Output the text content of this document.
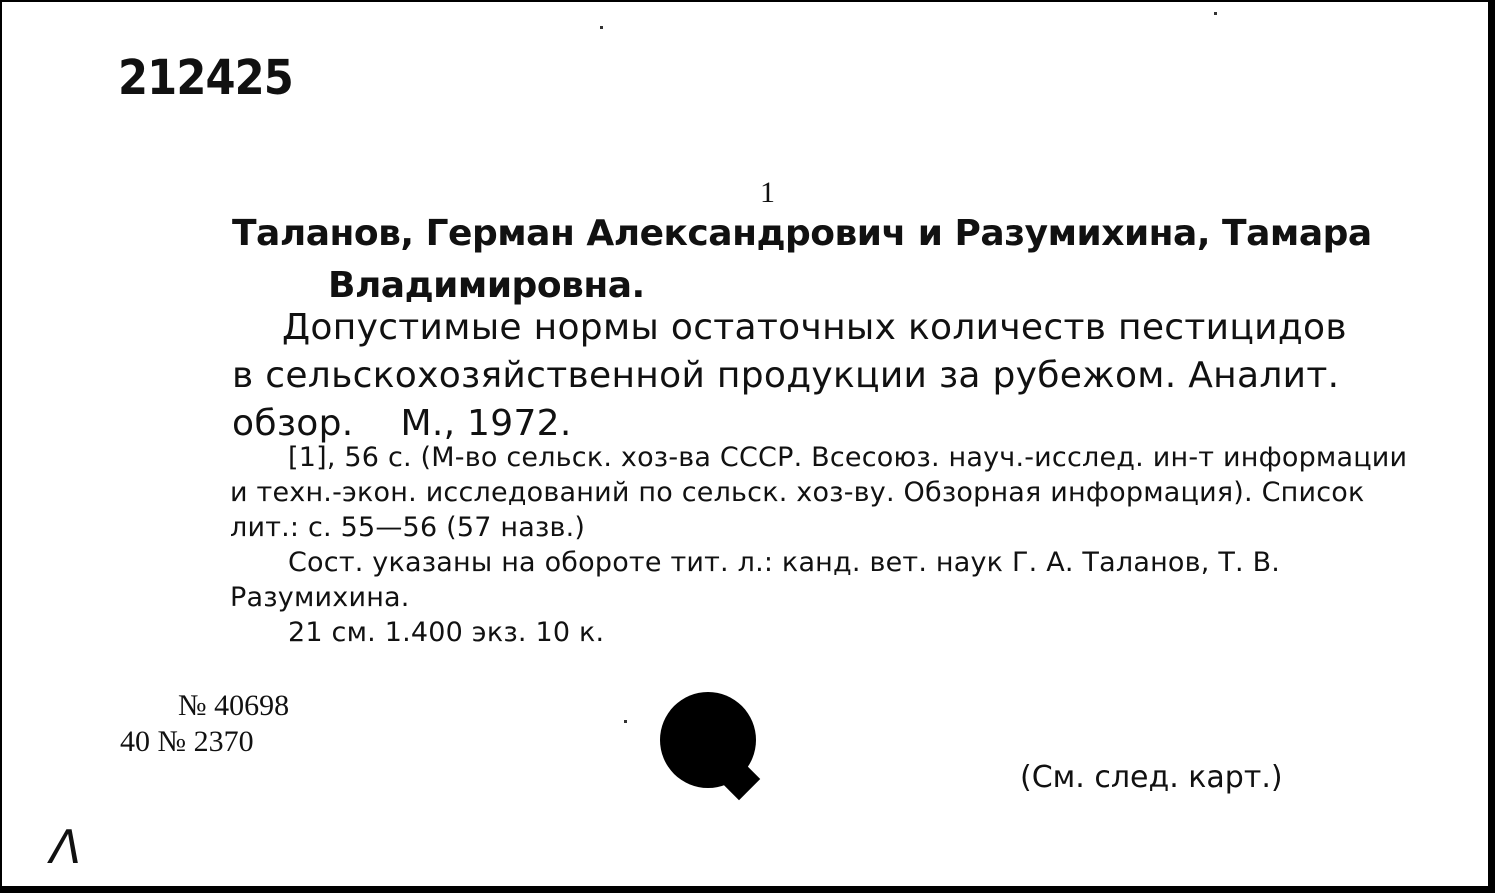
212425
1
Таланов, Герман Александрович и Разумихина, Тамара
Владимировна.
Допустимые нормы остаточных количеств пестицидов
в сельскохозяйственной продукции за рубежом. Аналит.
обзор.    М., 1972.

[1], 56 с. (М-во сельск. хоз-ва СССР. Всесоюз. науч.-исслед. ин-т информации и техн.-экон. исследований по сельск. хоз-ву. Обзорная информация). Список лит.: с. 55—56 (57 назв.)

Сост. указаны на обороте тит. л.: канд. вет. наук Г. А. Таланов, Т. В. Разумихина.

21 см. 1.400 экз. 10 к.

№ 40698
40 № 2370
(См. след. карт.)
Λ
